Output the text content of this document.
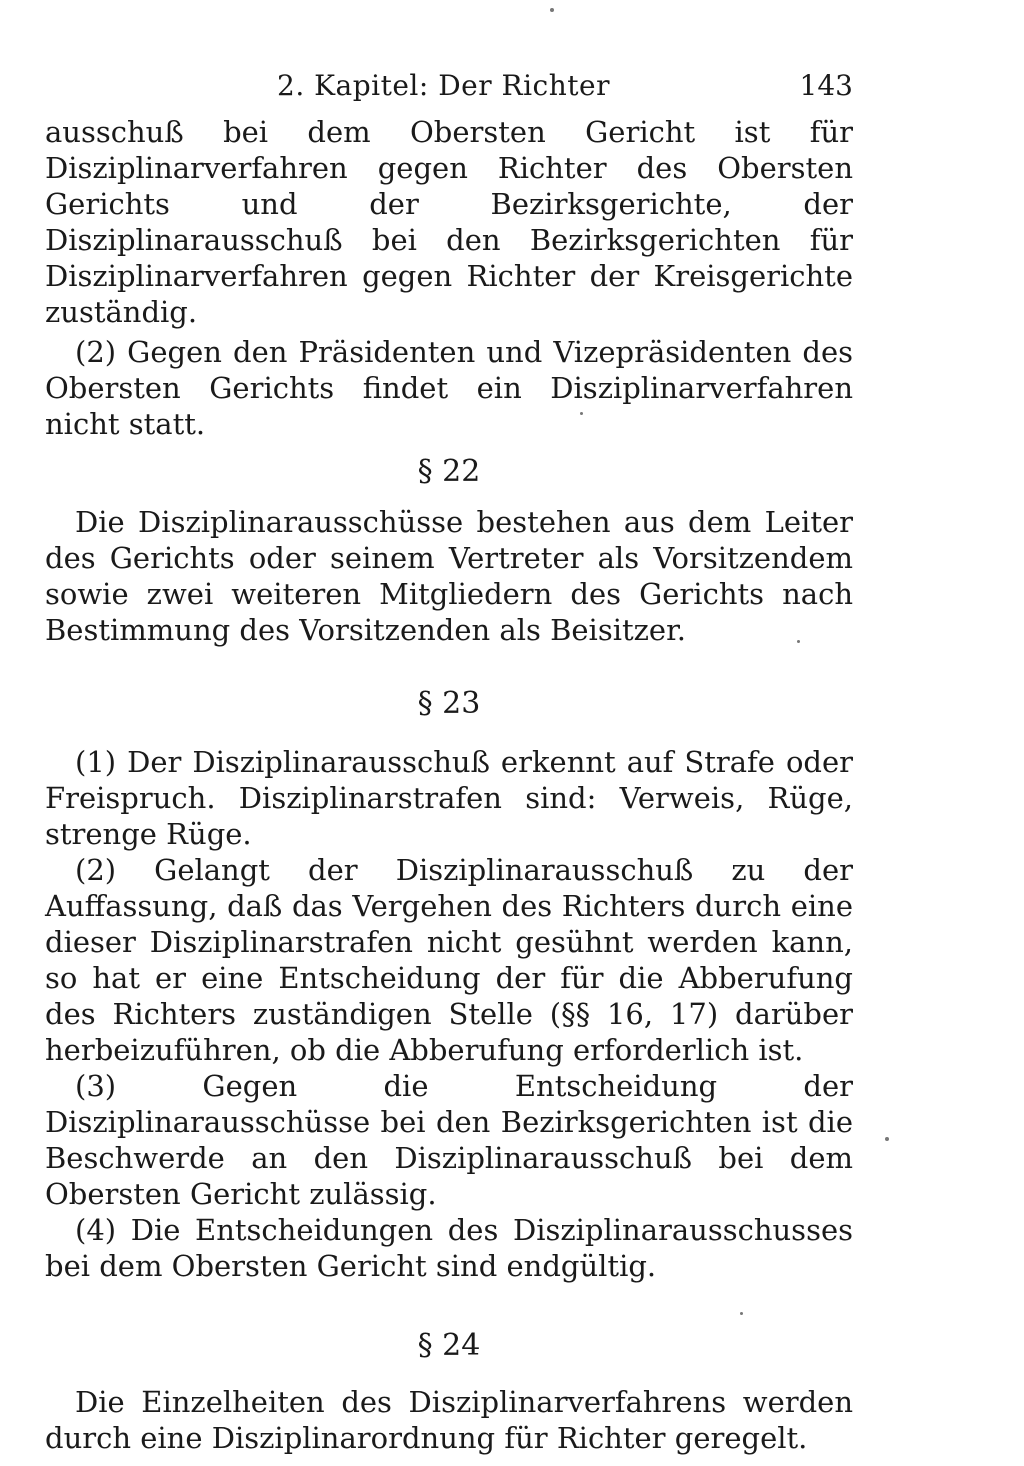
2. Kapitel: Der Richter	143

ausschuß bei dem Obersten Gericht ist für Disziplinarverfahren gegen Richter des Obersten Gerichts und der Bezirksgerichte, der Disziplinarausschuß bei den Bezirksgerichten für Disziplinarverfahren gegen Richter der Kreisgerichte zuständig.

(2) Gegen den Präsidenten und Vizepräsidenten des Obersten Gerichts findet ein Disziplinarverfahren nicht statt.

§ 22

Die Disziplinarausschüsse bestehen aus dem Leiter des Gerichts oder seinem Vertreter als Vorsitzendem sowie zwei weiteren Mitgliedern des Gerichts nach Bestimmung des Vorsitzenden als Beisitzer.

§ 23

(1) Der Disziplinarausschuß erkennt auf Strafe oder Freispruch. Disziplinarstrafen sind: Verweis, Rüge, strenge Rüge.

(2) Gelangt der Disziplinarausschuß zu der Auffassung, daß das Vergehen des Richters durch eine dieser Disziplinarstrafen nicht gesühnt werden kann, so hat er eine Entscheidung der für die Abberufung des Richters zuständigen Stelle (§§ 16, 17) darüber herbeizuführen, ob die Abberufung erforderlich ist.

(3) Gegen die Entscheidung der Disziplinarausschüsse bei den Bezirksgerichten ist die Beschwerde an den Disziplinarausschuß bei dem Obersten Gericht zulässig.

(4) Die Entscheidungen des Disziplinarausschusses bei dem Obersten Gericht sind endgültig.

§ 24

Die Einzelheiten des Disziplinarverfahrens werden durch eine Disziplinarordnung für Richter geregelt.
